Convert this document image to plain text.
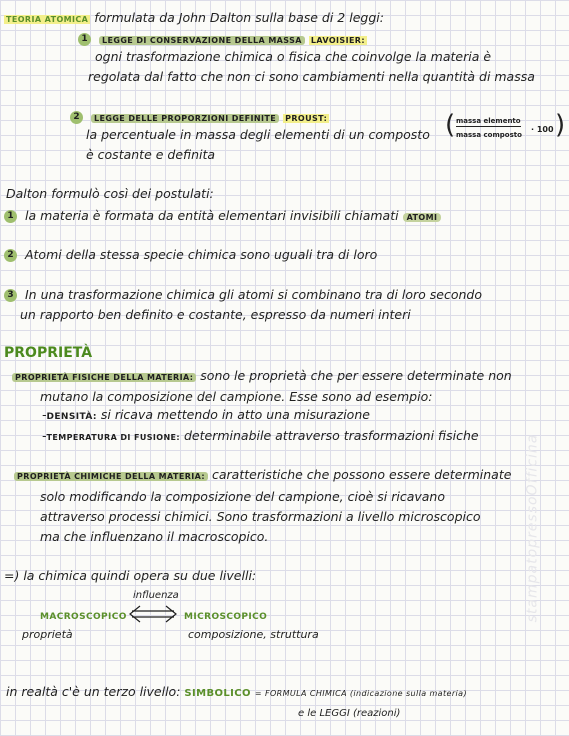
TEORIA ATOMICA formulata da John Dalton sulla base di 2 leggi:
1 LEGGE DI CONSERVAZIONE DELLA MASSA LAVOISIER:
ogni trasformazione chimica o fisica che coinvolge la materia è
regolata dal fatto che non ci sono cambiamenti nella quantità di massa
2 LEGGE DELLE PROPORZIONI DEFINITE PROUST:
la percentuale in massa degli elementi di un composto
è costante e definita
( massa elemento
massa composto
· 100 )
Dalton formulò così dei postulati:
1 la materia è formata da entità elementari invisibili chiamati ATOMI
2 Atomi della stessa specie chimica sono uguali tra di loro
3 In una trasformazione chimica gli atomi si combinano tra di loro secondo
un rapporto ben definito e costante, espresso da numeri interi
PROPRIETÀ
PROPRIETÀ FISICHE DELLA MATERIA: sono le proprietà che per essere determinate non
mutano la composizione del campione. Esse sono ad esempio:
-DENSITÀ: si ricava mettendo in atto una misurazione
-TEMPERATURA DI FUSIONE: determinabile attraverso trasformazioni fisiche
PROPRIETÀ CHIMICHE DELLA MATERIA: caratteristiche che possono essere determinate
solo modificando la composizione del campione, cioè si ricavano
attraverso processi chimici. Sono trasformazioni a livello microscopico
ma che influenzano il macroscopico.
=) la chimica quindi opera su due livelli:
influenza
MACROSCOPICO	MICROSCOPICO
proprietà	composizione, struttura
in realtà c'è un terzo livello: SIMBOLICO = FORMULA CHIMICA (indicazione sulla materia)
e le LEGGI (reazioni)
stampatopressoOfficina
